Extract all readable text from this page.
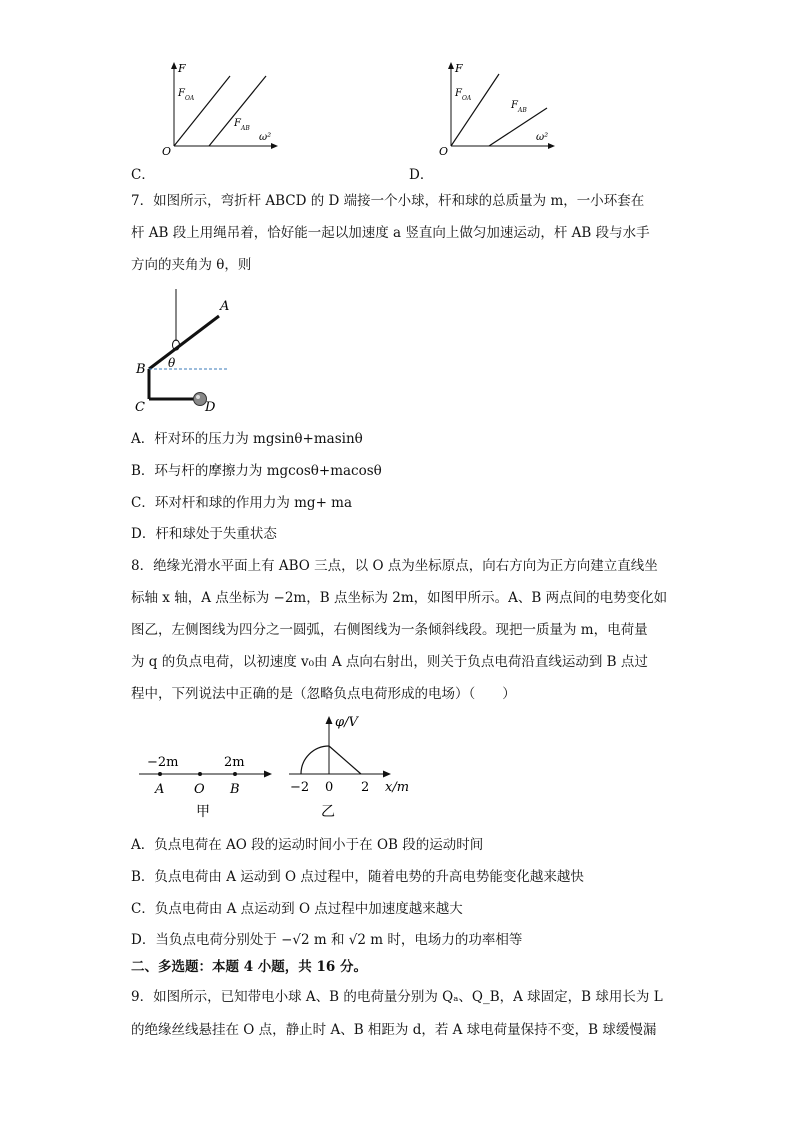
F
ω²
O
F OA
F AB
C．
F
ω²
O
F OA
F AB
D．
7．如图所示，弯折杆 ABCD 的 D 端接一个小球，杆和球的总质量为 m，一小环套在
杆 AB 段上用绳吊着，恰好能一起以加速度 a 竖直向上做匀加速运动，杆 AB 段与水手
方向的夹角为 θ，则
A
B
C	D
θ
A．杆对环的压力为 mgsinθ+masinθ
B．环与杆的摩擦力为 mgcosθ+macosθ
C．环对杆和球的作用力为 mg+ ma
D．杆和球处于失重状态
8．绝缘光滑水平面上有 ABO 三点，以 O 点为坐标原点，向右方向为正方向建立直线坐
标轴 x 轴，A 点坐标为 −2m，B 点坐标为 2m，如图甲所示。A、B 两点间的电势变化如
图乙，左侧图线为四分之一圆弧，右侧图线为一条倾斜线段。现把一质量为 m，电荷量
为 q 的负点电荷，以初速度 v₀由 A 点向右射出，则关于负点电荷沿直线运动到 B 点过
程中，下列说法中正确的是（忽略负点电荷形成的电场）（　　）
−2m	2m
A O B
甲
φ/V
x/m
−2 0 2
乙
A．负点电荷在 AO 段的运动时间小于在 OB 段的运动时间
B．负点电荷由 A 运动到 O 点过程中，随着电势的升高电势能变化越来越快
C．负点电荷由 A 点运动到 O 点过程中加速度越来越大
D．当负点电荷分别处于 −√2 m 和 √2 m 时，电场力的功率相等
二、多选题：本题 4 小题，共 16 分。
9．如图所示，已知带电小球 A、B 的电荷量分别为 Qₐ、Q_B，A 球固定，B 球用长为 L
的绝缘丝线悬挂在 O 点，静止时 A、B 相距为 d，若 A 球电荷量保持不变，B 球缓慢漏
